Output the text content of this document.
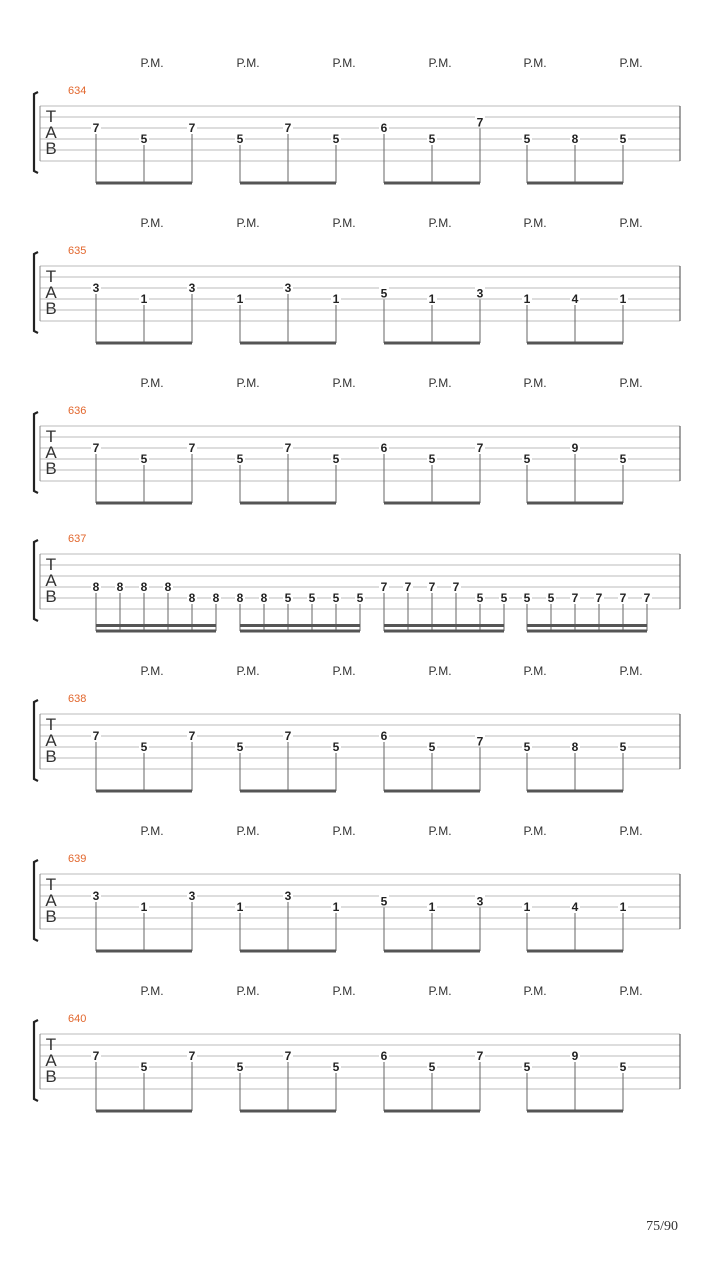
P.M.	P.M.	P.M.	P.M.	P.M.	P.M.
634
T
A
B
7
5
7
5
7
5
6
5
7
5	8	5
P.M.	P.M.	P.M.	P.M.	P.M.	P.M.
635
T
A
B
3
1
3
1
3
1	5	1	3	1	4	1
P.M.	P.M.	P.M.	P.M.	P.M.	P.M.
636
T
A
B
7
5
7
5
7
5
6
5
7
5
9
5
637
T
A
B	8 8 8 8
8 8 8 8 5 5 5 5
7 7 7 7
5 5 5 5 7 7 7 7
P.M.	P.M.	P.M.	P.M.	P.M.	P.M.
638
T
A
B
7
5
7
5
7
5
6
5	7	5	8	5
P.M.	P.M.	P.M.	P.M.	P.M.	P.M.
639
T
A
B
3
1
3
1
3
1	5	1	3	1	4	1
P.M.	P.M.	P.M.	P.M.	P.M.	P.M.
640
T
A
B
7
5
7
5
7
5
6
5
7
5
9
5
75/90
